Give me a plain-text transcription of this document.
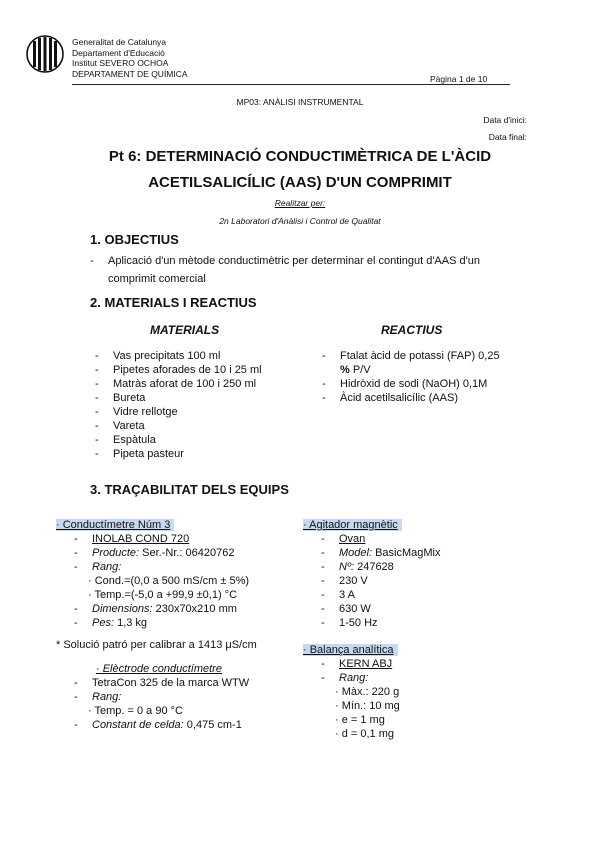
Generalitat de Catalunya
Departament d'Educació
Institut SEVERO OCHOA
DEPARTAMENT DE QUÍMICA
Pàgina 1 de 10
MP03: ANÀLISI INSTRUMENTAL
Data d'inici:
Data final:
Pt 6: DETERMINACIÓ CONDUCTIMÈTRICA DE L'ÀCID
ACETILSALICÍLIC (AAS) D'UN COMPRIMIT
Realitzar per:
2n Laboratori d'Anàlisi i Control de Qualitat
1. OBJECTIUS
- Aplicació d'un mètode conductimètric per determinar el contingut d'AAS d'un
comprimit comercial
2. MATERIALS I REACTIUS
MATERIALS	REACTIUS
- Vas precipitats 100 ml
- Pipetes aforades de 10 i 25 ml
- Matràs aforat de 100 i 250 ml
- Bureta
- Vidre rellotge
- Vareta
- Espàtula
- Pipeta pasteur
- Ftalat àcid de potassi (FAP) 0,25
% P/V
- Hidròxid de sodi (NaOH) 0,1M
- Àcid acetilsalicílic (AAS)
3. TRAÇABILITAT DELS EQUIPS
· Conductímetre Núm 3
- INOLAB COND 720
- Producte: Ser.-Nr.: 06420762
- Rang:
· Cond.=(0,0 a 500 mS/cm ± 5%)
· Temp.=(-5,0 a +99,9 ±0,1) °C
- Dimensions: 230x70x210 mm
- Pes: 1,3 kg
* Solució patró per calibrar a 1413 μS/cm
· Elèctrode conductímetre
- TetraCon 325 de la marca WTW
- Rang:
· Temp. = 0 a 90 °C
- Constant de celda: 0,475 cm-1
· Agitador magnètic
- Ovan
- Model: BasicMagMix
- Nº: 247628
- 230 V
- 3 A
- 630 W
- 1-50 Hz
· Balança analítica
- KERN ABJ
- Rang:
· Màx.: 220 g
· Mín.: 10 mg
· e = 1 mg
· d = 0,1 mg
